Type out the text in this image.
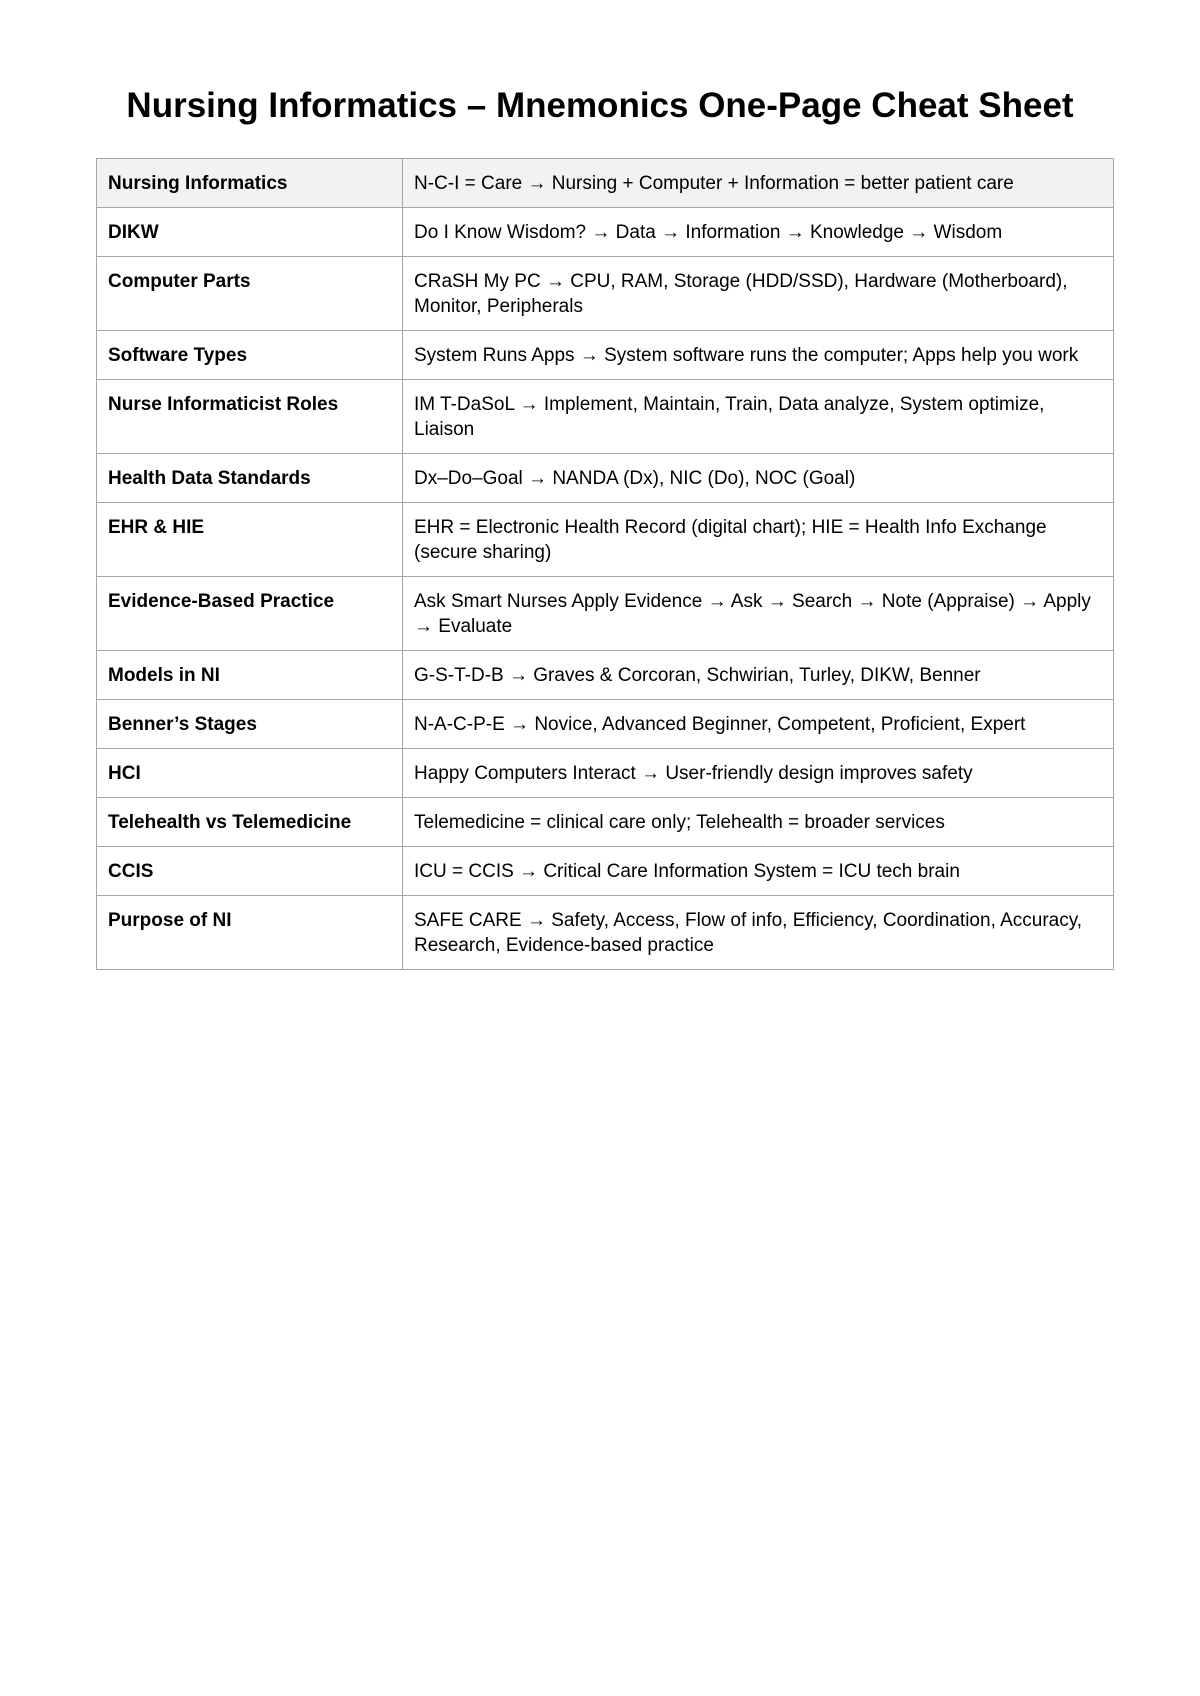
Nursing Informatics – Mnemonics One-Page Cheat Sheet
Nursing Informatics	N-C-I = Care → Nursing + Computer + Information = better patient care
DIKW	Do I Know Wisdom? → Data → Information → Knowledge → Wisdom
Computer Parts	CRaSH My PC → CPU, RAM, Storage (HDD/SSD), Hardware (Motherboard), Monitor, Peripherals
Software Types	System Runs Apps → System software runs the computer; Apps help you work
Nurse Informaticist Roles	IM T-DaSoL → Implement, Maintain, Train, Data analyze, System optimize, Liaison
Health Data Standards	Dx–Do–Goal → NANDA (Dx), NIC (Do), NOC (Goal)
EHR & HIE	EHR = Electronic Health Record (digital chart); HIE = Health Info Exchange (secure sharing)
Evidence-Based Practice	Ask Smart Nurses Apply Evidence → Ask → Search → Note (Appraise) → Apply → Evaluate
Models in NI	G-S-T-D-B → Graves & Corcoran, Schwirian, Turley, DIKW, Benner
Benner’s Stages	N-A-C-P-E → Novice, Advanced Beginner, Competent, Proficient, Expert
HCI	Happy Computers Interact → User-friendly design improves safety
Telehealth vs Telemedicine	Telemedicine = clinical care only; Telehealth = broader services
CCIS	ICU = CCIS → Critical Care Information System = ICU tech brain
Purpose of NI	SAFE CARE → Safety, Access, Flow of info, Efficiency, Coordination, Accuracy, Research, Evidence-based practice
